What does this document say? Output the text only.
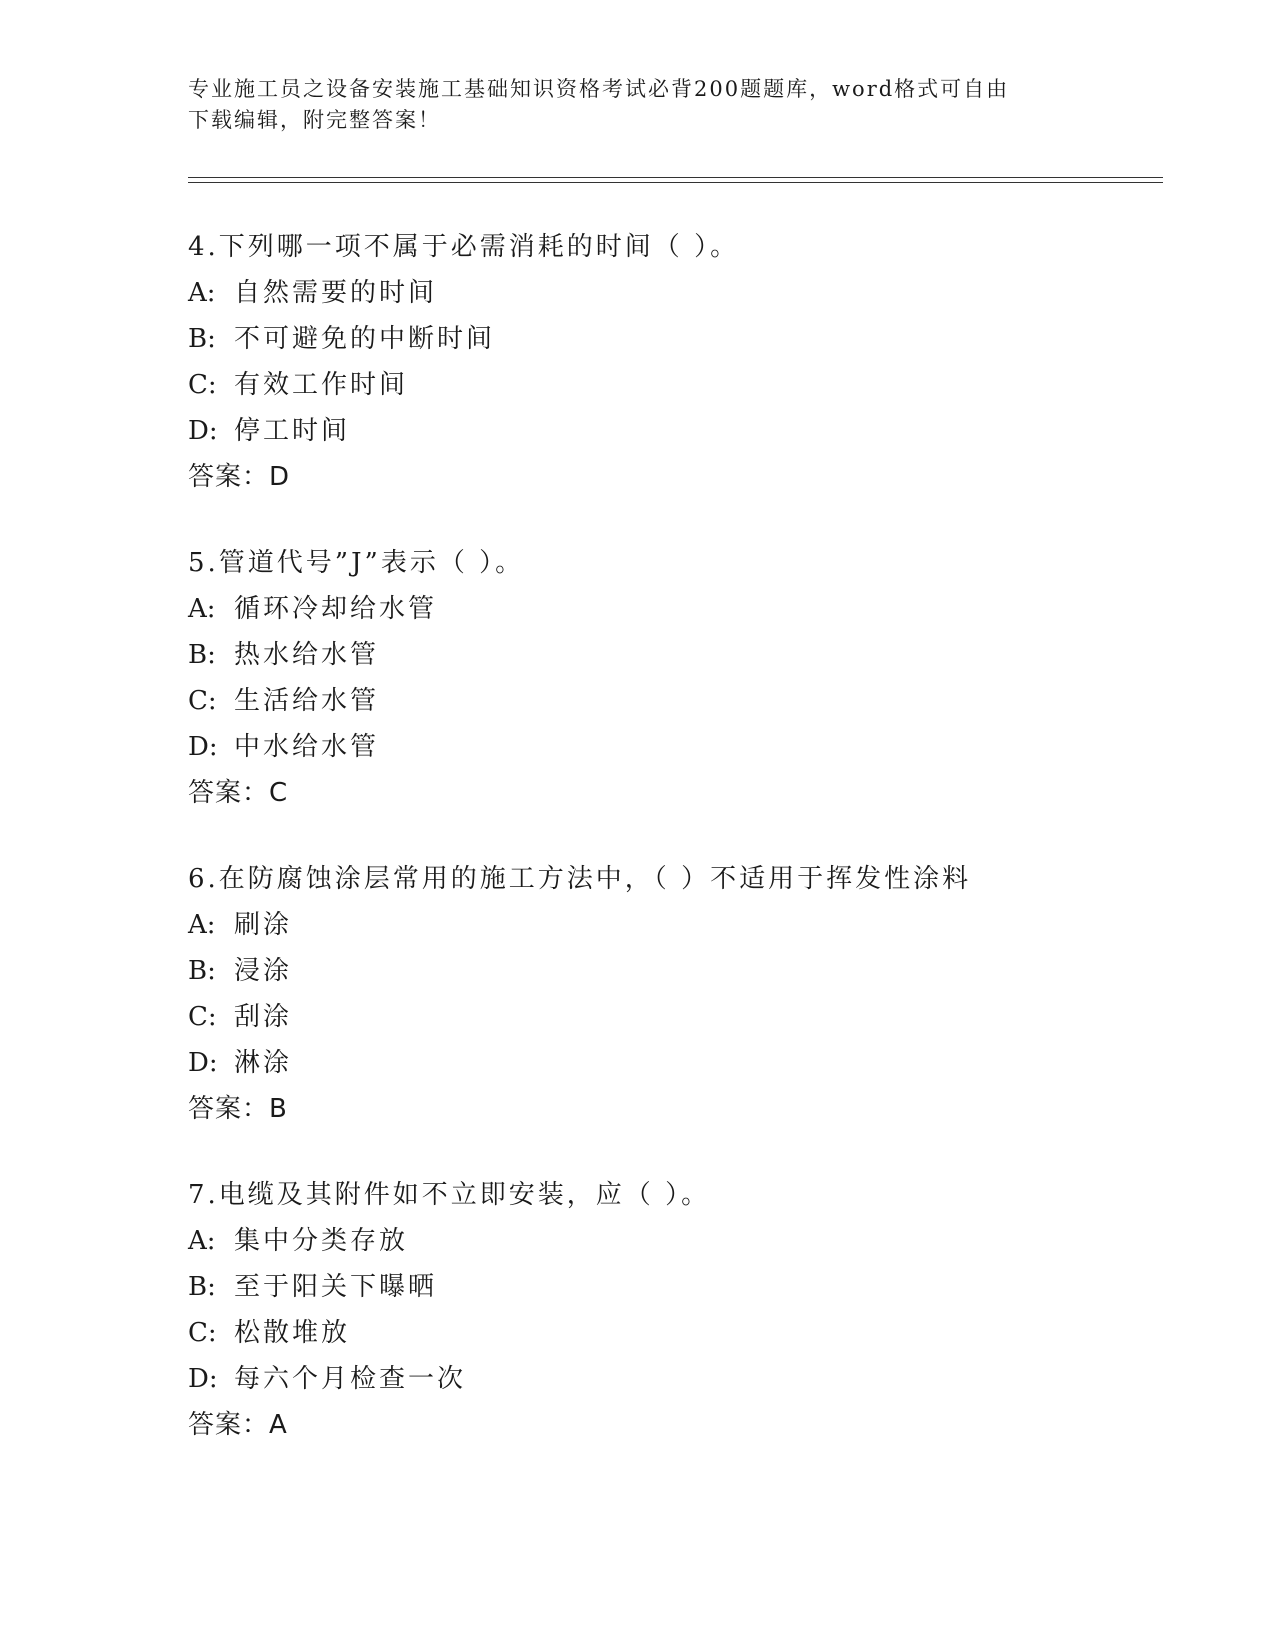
专业施工员之设备安装施工基础知识资格考试必背200题题库，word格式可自由
下载编辑，附完整答案！
4.下列哪一项不属于必需消耗的时间（ ）。
A: 自然需要的时间
B: 不可避免的中断时间
C: 有效工作时间
D: 停工时间
答案：D
5.管道代号”J”表示（ ）。
A: 循环冷却给水管
B: 热水给水管
C: 生活给水管
D: 中水给水管
答案：C
6.在防腐蚀涂层常用的施工方法中，（ ）不适用于挥发性涂料
A: 刷涂
B: 浸涂
C: 刮涂
D: 淋涂
答案：B
7.电缆及其附件如不立即安装，应（ ）。
A: 集中分类存放
B: 至于阳关下曝晒
C: 松散堆放
D: 每六个月检查一次
答案：A
